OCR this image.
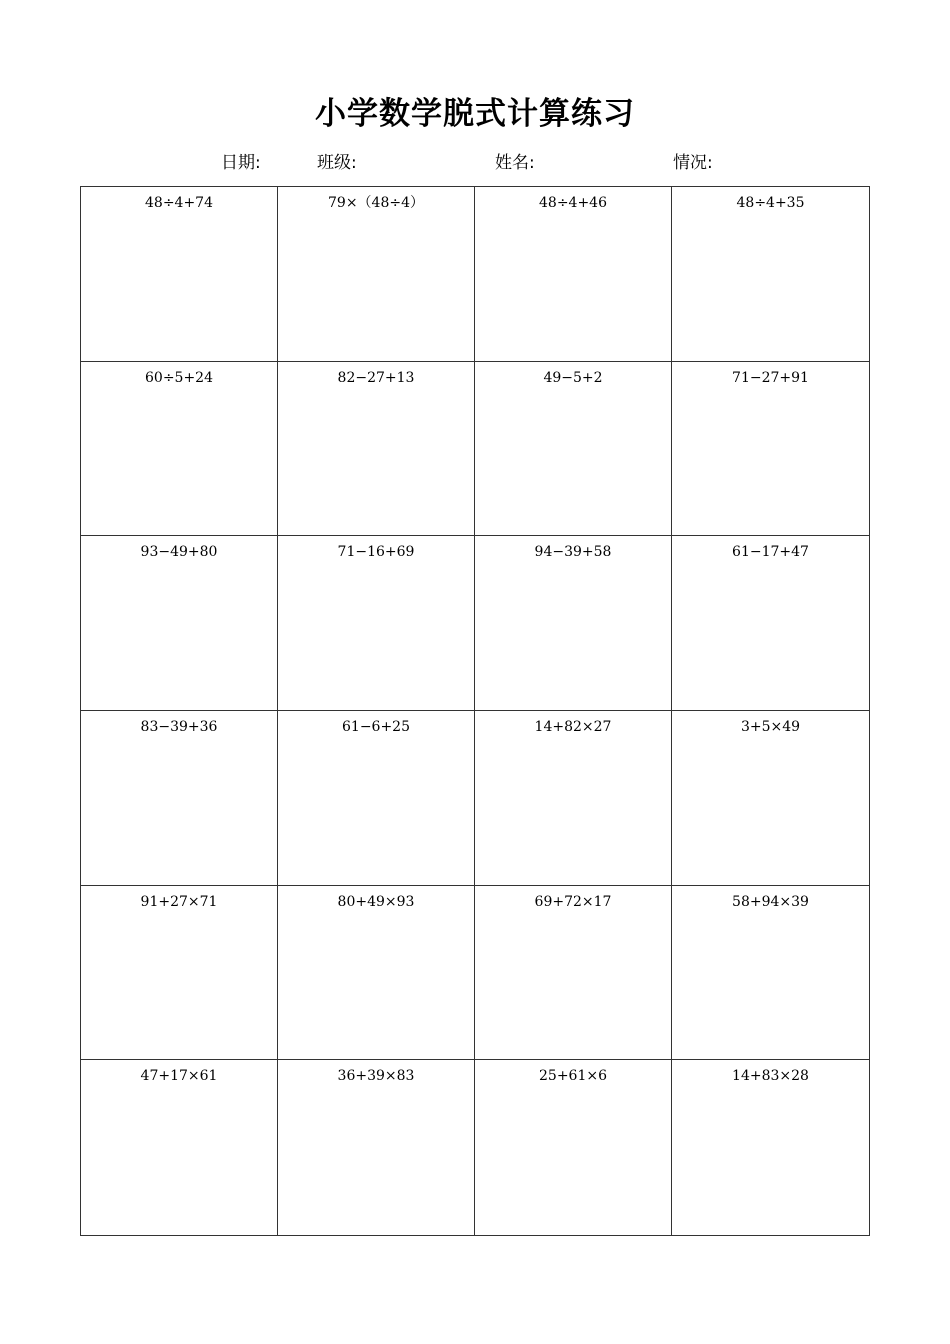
小学数学脱式计算练习
日期:	班级:	姓名:	情况:
48÷4+74	79×（48÷4）	48÷4+46	48÷4+35
60÷5+24	82−27+13	49−5+2	71−27+91
93−49+80	71−16+69	94−39+58	61−17+47
83−39+36	61−6+25	14+82×27	3+5×49
91+27×71	80+49×93	69+72×17	58+94×39
47+17×61	36+39×83	25+61×6	14+83×28
